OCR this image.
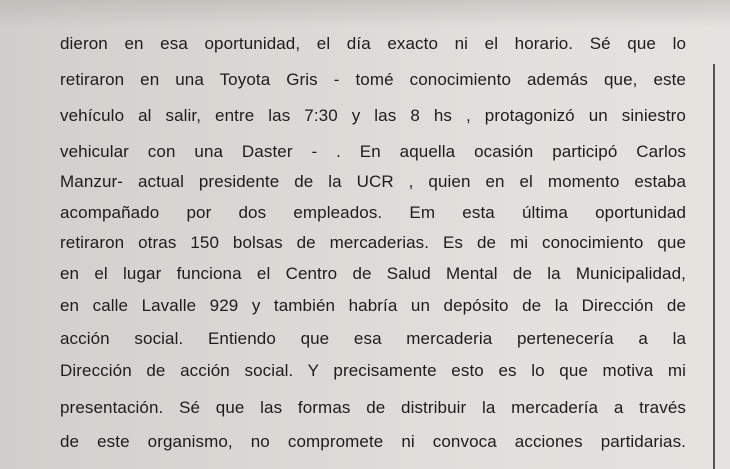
dieron en esa oportunidad, el día exacto ni el horario. Sé que lo
retiraron en una Toyota Gris - tomé conocimiento además que, este
vehículo al salir, entre las 7:30 y las 8 hs , protagonizó un siniestro
vehicular con una Daster - . En aquella ocasión participó Carlos
Manzur- actual presidente de la UCR , quien en el momento estaba
acompañado por dos empleados. Em esta última oportunidad
retiraron otras 150 bolsas de mercaderias. Es de mi conocimiento que
en el lugar funciona el Centro de Salud Mental de la Municipalidad,
en calle Lavalle 929 y también habría un depósito de la Dirección de
acción social. Entiendo que esa mercaderia pertenecería a la
Dirección de acción social. Y precisamente esto es lo que motiva mi
presentación. Sé que las formas de distribuir la mercadería a través
de este organismo, no compromete ni convoca acciones partidarias.
